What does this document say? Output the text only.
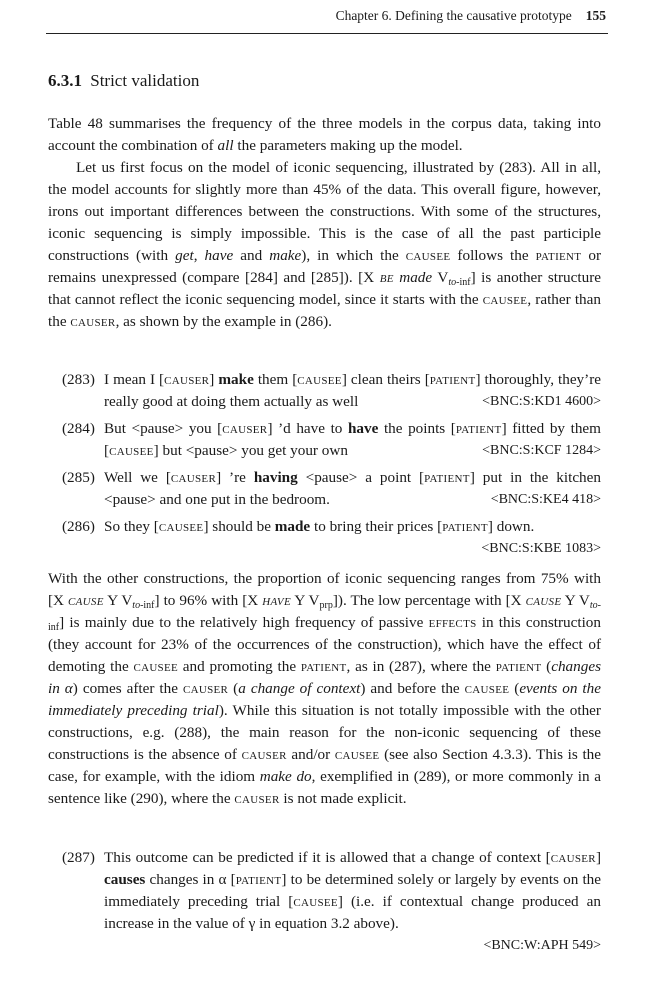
Chapter 6. Defining the causative prototype 155
6.3.1 Strict validation

Table 48 summarises the frequency of the three models in the corpus data, taking into account the combination of all the parameters making up the model.

Let us first focus on the model of iconic sequencing, illustrated by (283). All in all, the model accounts for slightly more than 45% of the data. This overall figure, however, irons out important differences between the constructions. With some of the structures, iconic sequencing is simply impossible. This is the case of all the past participle constructions (with get, have and make), in which the causee follows the patient or remains unexpressed (compare [284] and [285]). [X be made $V_{to-inf}$] is another structure that cannot reflect the iconic sequencing model, since it starts with the causee, rather than the causer, as shown by the example in (286).

(283) I mean I [causer] make them [causee] clean theirs [patient] thoroughly, they’re really good at doing them actually as well	<BNC:S:KD1 4600>
(284) But <pause> you [causer] ’d have to have the points [patient] fitted by them [causee] but <pause> you get your own	<BNC:S:KCF 1284>
(285) Well we [causer] ’re having <pause> a point [patient] put in the kitchen <pause> and one put in the bedroom.	<BNC:S:KE4 418>
(286) So they [causee] should be made to bring their prices [patient] down.
<BNC:S:KBE 1083>

With the other constructions, the proportion of iconic sequencing ranges from 75% with [X cause Y $V_{to-inf}$] to 96% with [X have Y $V_{prp}$]). The low percentage with [X cause Y $V_{to-inf}$] is mainly due to the relatively high frequency of passive effects in this construction (they account for 23% of the occurrences of the construction), which have the effect of demoting the causee and promoting the patient, as in (287), where the patient (changes in α) comes after the causer (a change of context) and before the causee (events on the immediately preceding trial). While this situation is not totally impossible with the other constructions, e.g. (288), the main reason for the non-iconic sequencing of these constructions is the absence of causer and/or causee (see also Section 4.3.3). This is the case, for example, with the idiom make do, exemplified in (289), or more commonly in a sentence like (290), where the causer is not made explicit.

(287) This outcome can be predicted if it is allowed that a change of context [causer] causes changes in α [patient] to be determined solely or largely by events on the immediately preceding trial [causee] (i.e. if contextual change produced an increase in the value of γ in equation 3.2 above).
<BNC:W:APH 549>
